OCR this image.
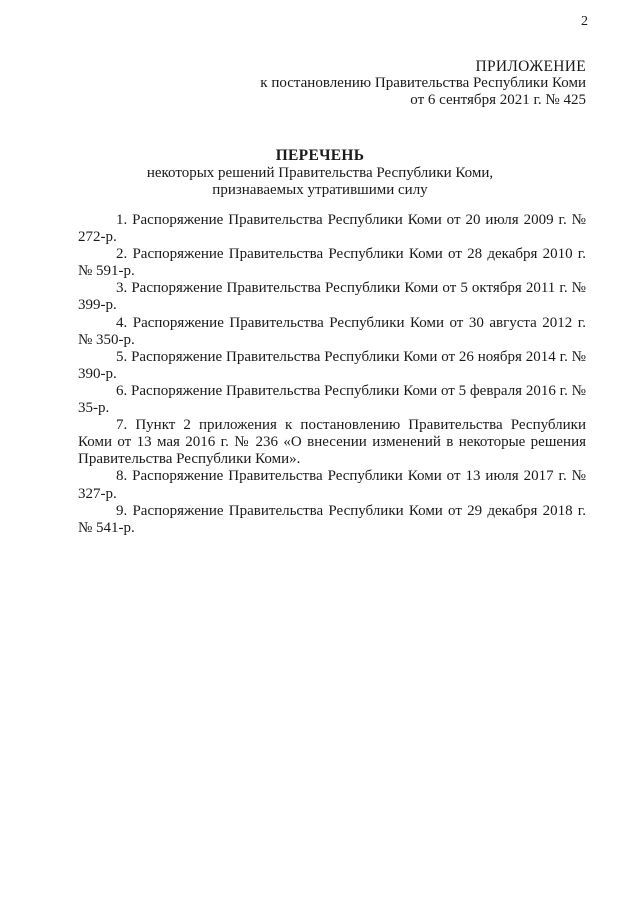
2
ПРИЛОЖЕНИЕ
к постановлению Правительства Республики Коми
от 6 сентября 2021 г. № 425
ПЕРЕЧЕНЬ
некоторых решений Правительства Республики Коми,
признаваемых утратившими силу

1. Распоряжение Правительства Республики Коми от 20 июля 2009 г. № 272-р.

2. Распоряжение Правительства Республики Коми от 28 декабря 2010 г. № 591-р.

3. Распоряжение Правительства Республики Коми от 5 октября 2011 г. № 399-р.

4. Распоряжение Правительства Республики Коми от 30 августа 2012 г. № 350-р.

5. Распоряжение Правительства Республики Коми от 26 ноября 2014 г. № 390-р.

6. Распоряжение Правительства Республики Коми от 5 февраля 2016 г. № 35-р.

7. Пункт 2 приложения к постановлению Правительства Республики Коми от 13 мая 2016 г. № 236 «О внесении изменений в некоторые решения Правительства Республики Коми».

8. Распоряжение Правительства Республики Коми от 13 июля 2017 г. № 327-р.

9. Распоряжение Правительства Республики Коми от 29 декабря 2018 г. № 541-р.
